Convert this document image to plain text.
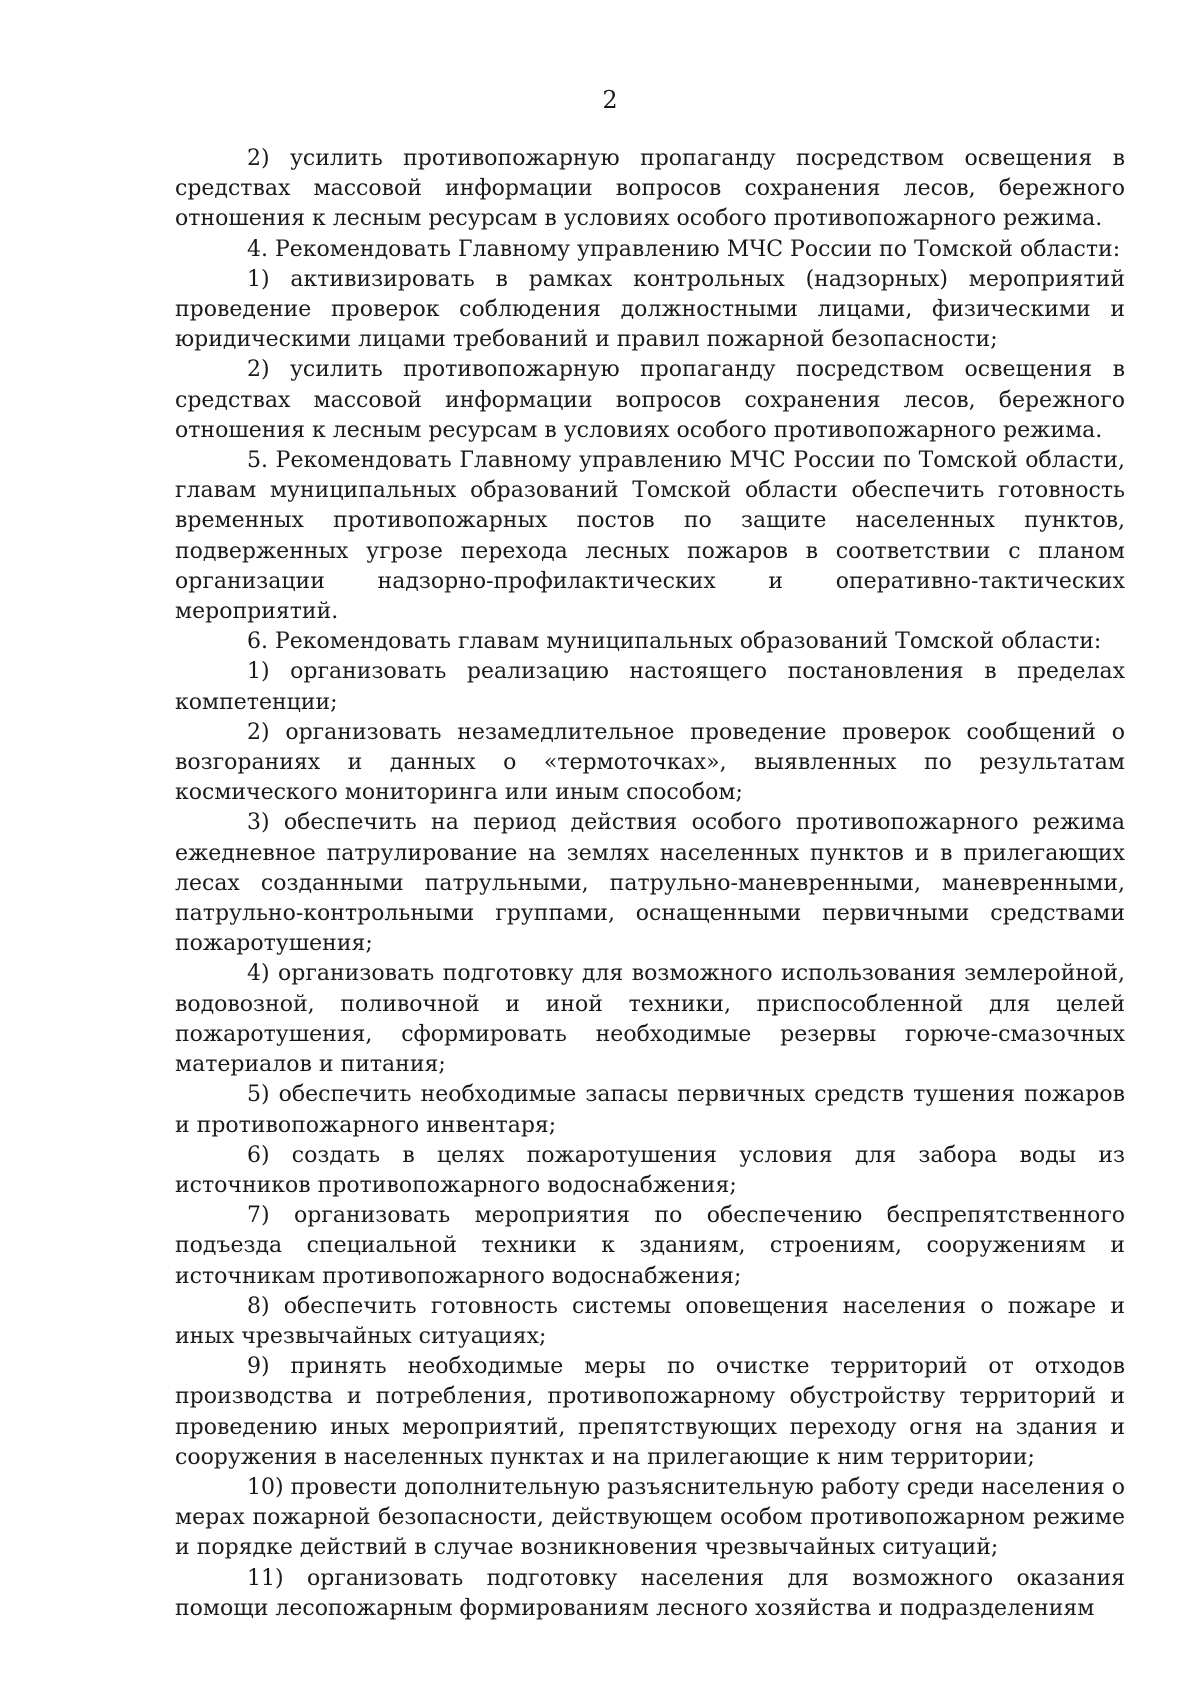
2

2) усилить противопожарную пропаганду посредством освещения в средствах массовой информации вопросов сохранения лесов, бережного отношения к лесным ресурсам в условиях особого противопожарного режима.

4. Рекомендовать Главному управлению МЧС России по Томской области:

1) активизировать в рамках контрольных (надзорных) мероприятий проведение проверок соблюдения должностными лицами, физическими и юридическими лицами требований и правил пожарной безопасности;

2) усилить противопожарную пропаганду посредством освещения в средствах массовой информации вопросов сохранения лесов, бережного отношения к лесным ресурсам в условиях особого противопожарного режима.

5. Рекомендовать Главному управлению МЧС России по Томской области, главам муниципальных образований Томской области обеспечить готовность временных противопожарных постов по защите населенных пунктов, подверженных угрозе перехода лесных пожаров в соответствии с планом организации надзорно-профилактических и оперативно-тактических мероприятий.

6. Рекомендовать главам муниципальных образований Томской области:

1) организовать реализацию настоящего постановления в пределах компетенции;

2) организовать незамедлительное проведение проверок сообщений о возгораниях и данных о «термоточках», выявленных по результатам космического мониторинга или иным способом;

3) обеспечить на период действия особого противопожарного режима ежедневное патрулирование на землях населенных пунктов и в прилегающих лесах созданными патрульными, патрульно-маневренными, маневренными, патрульно-контрольными группами, оснащенными первичными средствами пожаротушения;

4) организовать подготовку для возможного использования землеройной, водовозной, поливочной и иной техники, приспособленной для целей пожаротушения, сформировать необходимые резервы горюче-смазочных материалов и питания;

5) обеспечить необходимые запасы первичных средств тушения пожаров и противопожарного инвентаря;

6) создать в целях пожаротушения условия для забора воды из источников противопожарного водоснабжения;

7) организовать мероприятия по обеспечению беспрепятственного подъезда специальной техники к зданиям, строениям, сооружениям и источникам противопожарного водоснабжения;

8) обеспечить готовность системы оповещения населения о пожаре и иных чрезвычайных ситуациях;

9) принять необходимые меры по очистке территорий от отходов производства и потребления, противопожарному обустройству территорий и проведению иных мероприятий, препятствующих переходу огня на здания и сооружения в населенных пунктах и на прилегающие к ним территории;

10) провести дополнительную разъяснительную работу среди населения о мерах пожарной безопасности, действующем особом противопожарном режиме и порядке действий в случае возникновения чрезвычайных ситуаций;

11) организовать подготовку населения для возможного оказания помощи лесопожарным формированиям лесного хозяйства и подразделениям
